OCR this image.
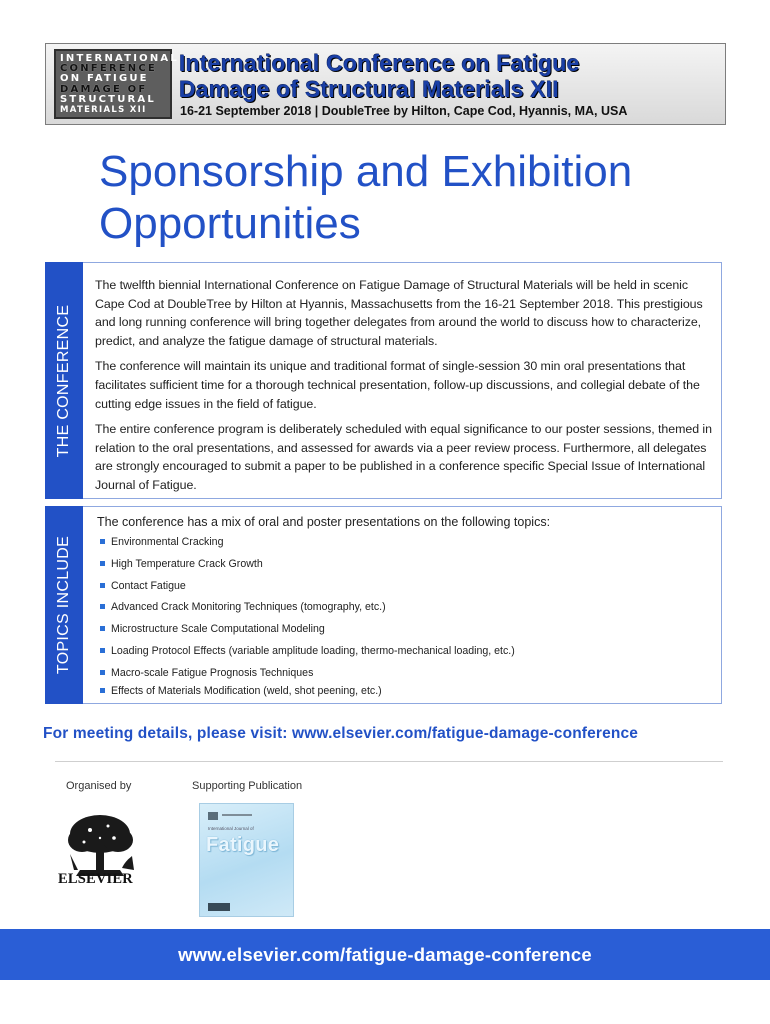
INTERNATIONAL
CONFERENCE
ON FATIGUE
DAMAGE OF
STRUCTURAL
MATERIALS XII
International Conference on Fatigue
Damage of Structural Materials XII
16-21 September 2018 | DoubleTree by Hilton, Cape Cod, Hyannis, MA, USA
Sponsorship and Exhibition Opportunities
THE CONFERENCE

The twelfth biennial International Conference on Fatigue Damage of Structural Materials will be held in scenic Cape Cod at DoubleTree by Hilton at Hyannis, Massachusetts from the 16-21 September 2018. This prestigious and long running conference will bring together delegates from around the world to discuss how to characterize, predict, and analyze the fatigue damage of structural materials.

The conference will maintain its unique and traditional format of single-session 30 min oral presentations that facilitates sufficient time for a thorough technical presentation, follow-up discussions, and collegial debate of the cutting edge issues in the field of fatigue.

The entire conference program is deliberately scheduled with equal significance to our poster sessions, themed in relation to the oral presentations, and assessed for awards via a peer review process. Furthermore, all delegates are strongly encouraged to submit a paper to be published in a conference specific Special Issue of International Journal of Fatigue.

TOPICS INCLUDE

The conference has a mix of oral and poster presentations on the following topics:

Environmental Cracking
High Temperature Crack Growth
Contact Fatigue
Advanced Crack Monitoring Techniques (tomography, etc.)
Microstructure Scale Computational Modeling
Loading Protocol Effects (variable amplitude loading, thermo-mechanical loading, etc.)
Macro-scale Fatigue Prognosis Techniques
Effects of Materials Modification (weld, shot peening, etc.)
For meeting details, please visit: www.elsevier.com/fatigue-damage-conference
Organised by	Supporting Publication
ELSEVIER
International Journal of
Fatigue
www.elsevier.com/fatigue-damage-conference
